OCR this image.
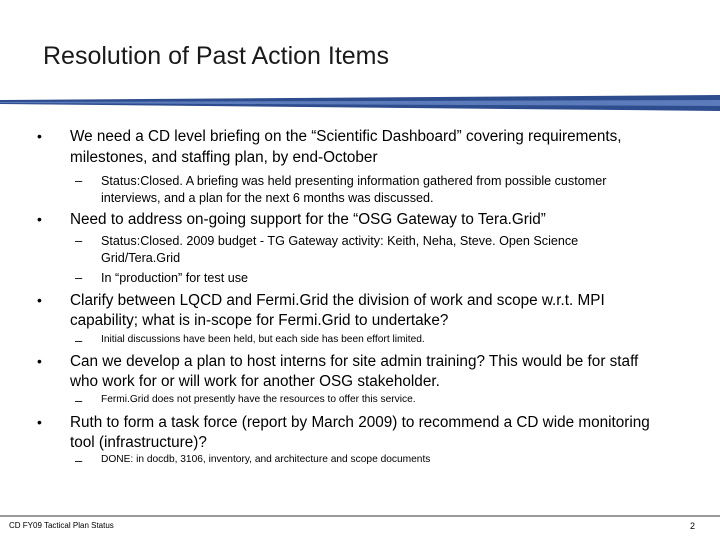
Resolution of Past Action Items
• We need a CD level briefing on the “Scientific Dashboard” covering requirements,
milestones, and staffing plan, by end-October
– Status:Closed. A briefing was held presenting information gathered from possible customer
interviews, and a plan for the next 6 months was discussed.
• Need to address on-going support for the “OSG Gateway to Tera.Grid”
– Status:Closed. 2009 budget - TG Gateway activity: Keith, Neha, Steve. Open Science
Grid/Tera.Grid
– In “production” for test use
• Clarify between LQCD and Fermi.Grid the division of work and scope w.r.t. MPI
capability; what is in-scope for Fermi.Grid to undertake?
– Initial discussions have been held, but each side has been effort limited.
• Can we develop a plan to host interns for site admin training? This would be for staff
who work for or will work for another OSG stakeholder.
– Fermi.Grid does not presently have the resources to offer this service.
• Ruth to form a task force (report by March 2009) to recommend a CD wide monitoring
tool (infrastructure)?
– DONE: in docdb, 3106, inventory, and architecture and scope documents
CD FY09 Tactical Plan Status	2
